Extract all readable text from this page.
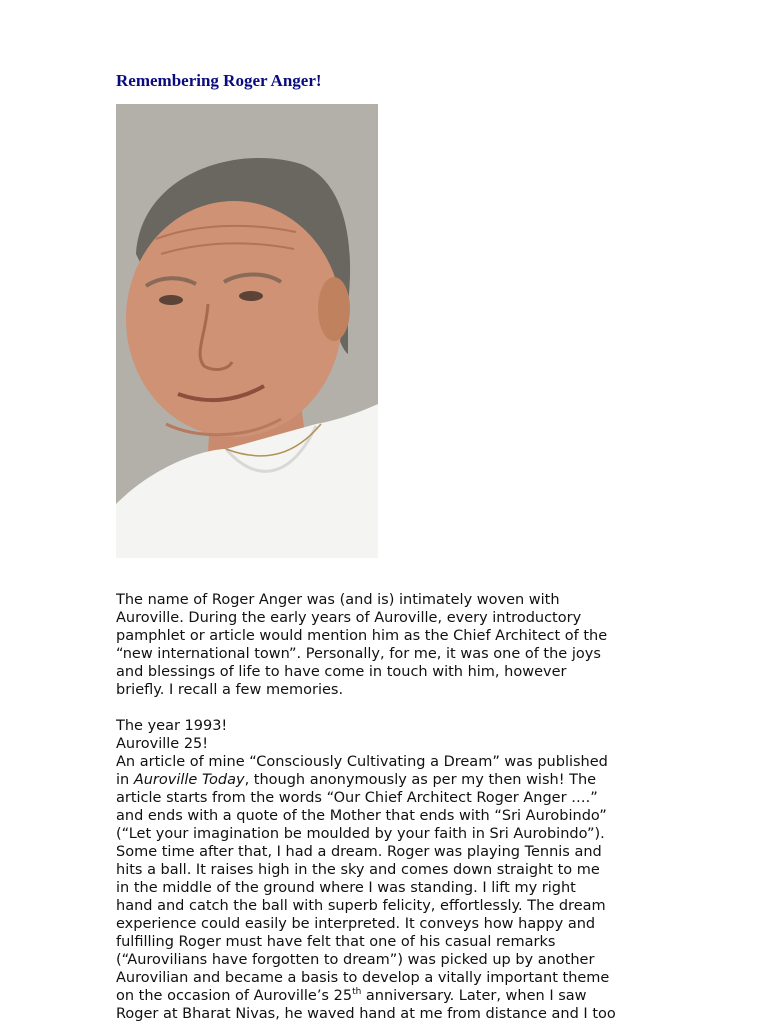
Remembering Roger Anger!
The name of Roger Anger was (and is) intimately woven with
Auroville. During the early years of Auroville, every introductory
pamphlet or article would mention him as the Chief Architect of the
“new international town”. Personally, for me, it was one of the joys
and blessings of life to have come in touch with him, however
briefly. I recall a few memories.
The year 1993!
Auroville 25!
An article of mine “Consciously Cultivating a Dream” was published
in Auroville Today, though anonymously as per my then wish! The
article starts from the words “Our Chief Architect Roger Anger ….”
and ends with a quote of the Mother that ends with “Sri Aurobindo”
(“Let your imagination be moulded by your faith in Sri Aurobindo”).
Some time after that, I had a dream. Roger was playing Tennis and
hits a ball. It raises high in the sky and comes down straight to me
in the middle of the ground where I was standing. I lift my right
hand and catch the ball with superb felicity, effortlessly. The dream
experience could easily be interpreted. It conveys how happy and
fulfilling Roger must have felt that one of his casual remarks
(“Aurovilians have forgotten to dream”) was picked up by another
Aurovilian and became a basis to develop a vitally important theme
on the occasion of Auroville’s 25th anniversary. Later, when I saw
Roger at Bharat Nivas, he waved hand at me from distance and I too
